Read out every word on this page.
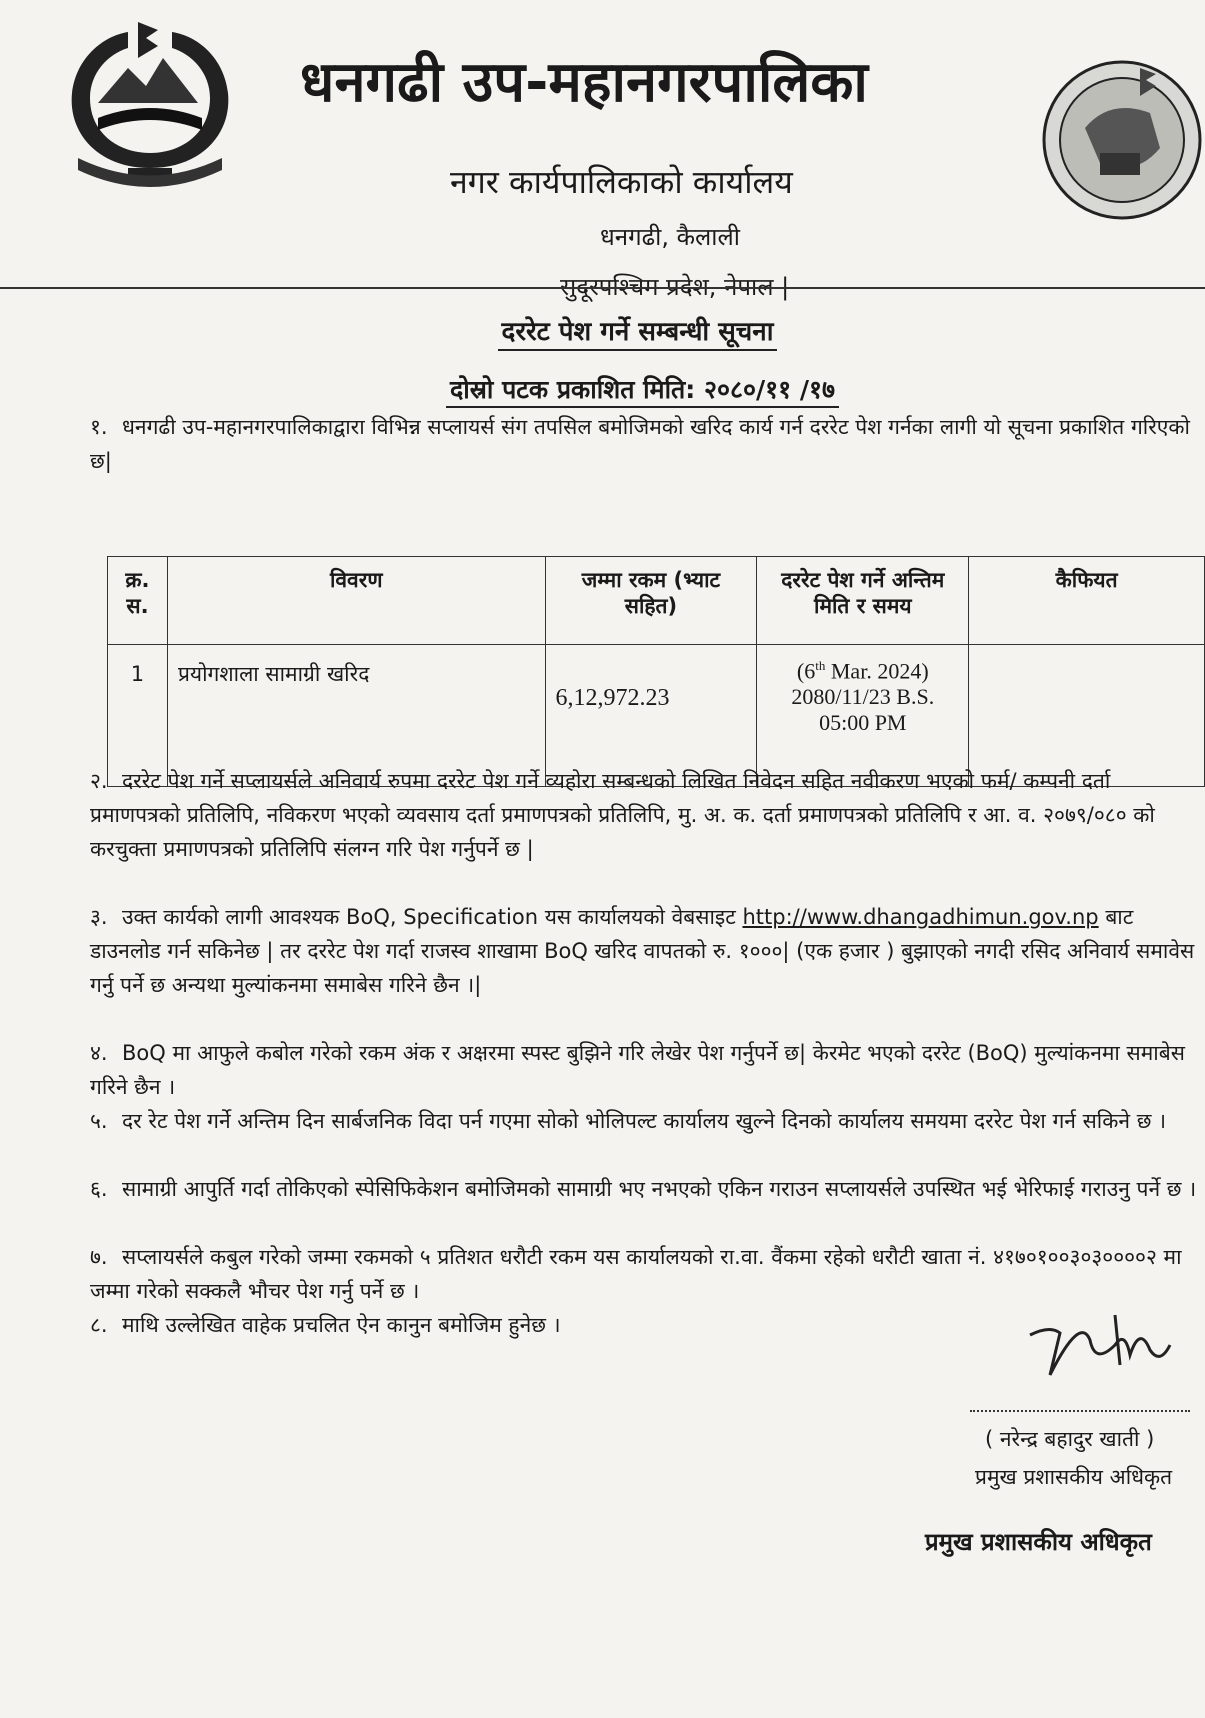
धनगढी उप-महानगरपालिका
नगर कार्यपालिकाको कार्यालय
धनगढी, कैलाली
सुदूरपश्चिम प्रदेश, नेपाल |
दररेट पेश गर्ने सम्बन्धी सूचना
दोस्रो पटक प्रकाशित मिति: २०८०/११ /१७
१. धनगढी उप-महानगरपालिकाद्वारा विभिन्न सप्लायर्स संग तपसिल बमोजिमको खरिद कार्य गर्न दररेट पेश गर्नका लागी यो सूचना प्रकाशित गरिएको छ|
क्र. स.	विवरण	जम्मा रकम (भ्याट सहित)	दररेट पेश गर्ने अन्तिम मिति र समय	कैफियत
1	प्रयोगशाला सामाग्री खरिद	6,12,972.23	(6th Mar. 2024)
2080/11/23 B.S.
05:00 PM	

२. दररेट पेश गर्ने सप्लायर्सले अनिवार्य रुपमा दररेट पेश गर्ने व्यहोरा सम्बन्धको लिखित निवेदन सहित नवीकरण भएको फर्म/ कम्पनी दर्ता प्रमाणपत्रको प्रतिलिपि, नविकरण भएको व्यवसाय दर्ता प्रमाणपत्रको प्रतिलिपि, मु. अ. क. दर्ता प्रमाणपत्रको प्रतिलिपि र आ. व. २०७९/०८० को करचुक्ता प्रमाणपत्रको प्रतिलिपि संलग्न गरि पेश गर्नुपर्ने छ |
३. उक्त कार्यको लागी आवश्यक BoQ, Specification यस कार्यालयको वेबसाइट http://www.dhangadhimun.gov.np बाट डाउनलोड गर्न सकिनेछ | तर दररेट पेश गर्दा राजस्व शाखामा BoQ खरिद वापतको रु. १०००| (एक हजार ) बुझाएको नगदी रसिद अनिवार्य समावेस गर्नु पर्ने छ अन्यथा मुल्यांकनमा समाबेस गरिने छैन ।|
४. BoQ मा आफुले कबोल गरेको रकम अंक र अक्षरमा स्पस्ट बुझिने गरि लेखेर पेश गर्नुपर्ने छ| केरमेट भएको दररेट (BoQ) मुल्यांकनमा समाबेस गरिने छैन ।
५. दर रेट पेश गर्ने अन्तिम दिन सार्बजनिक विदा पर्न गएमा सोको भोलिपल्ट कार्यालय खुल्ने दिनको कार्यालय समयमा दररेट पेश गर्न सकिने छ ।
६. सामाग्री आपुर्ति गर्दा तोकिएको स्पेसिफिकेशन बमोजिमको सामाग्री भए नभएको एकिन गराउन सप्लायर्सले उपस्थित भई भेरिफाई गराउनु पर्ने छ ।
७. सप्लायर्सले कबुल गरेको जम्मा रकमको ५ प्रतिशत धरौटी रकम यस कार्यालयको रा.वा. वैंकमा रहेको धरौटी खाता नं. ४१७०१००३०३००००२ मा जम्मा गरेको सक्कलै भौचर पेश गर्नु पर्ने छ ।
८. माथि उल्लेखित वाहेक प्रचलित ऐन कानुन बमोजिम हुनेछ ।
( नरेन्द्र बहादुर खाती )
प्रमुख प्रशासकीय अधिकृत
प्रमुख प्रशासकीय अधिकृत
